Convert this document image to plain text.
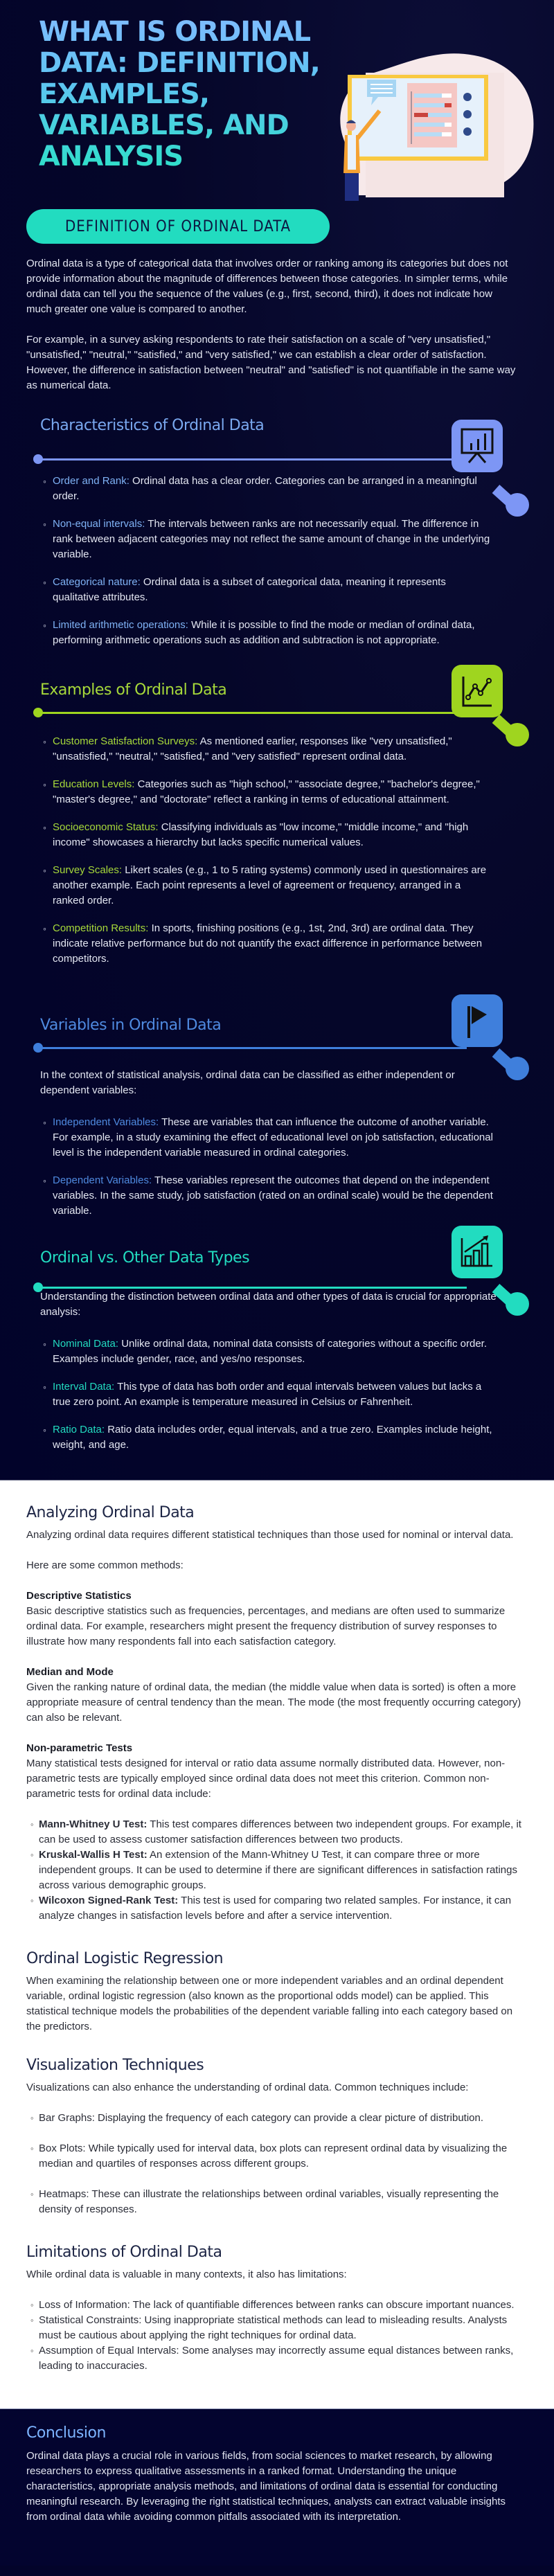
WHAT IS ORDINAL DATA: DEFINITION, EXAMPLES, VARIABLES, AND ANALYSIS
DEFINITION OF ORDINAL DATA

Ordinal data is a type of categorical data that involves order or ranking among its categories but does not provide information about the magnitude of differences between those categories. In simpler terms, while ordinal data can tell you the sequence of the values (e.g., first, second, third), it does not indicate how much greater one value is compared to another.

For example, in a survey asking respondents to rate their satisfaction on a scale of "very unsatisfied," "unsatisfied," "neutral," "satisfied," and "very satisfied," we can establish a clear order of satisfaction. However, the difference in satisfaction between "neutral" and "satisfied" is not quantifiable in the same way as numerical data.

Characteristics of Ordinal Data
◦ Order and Rank: Ordinal data has a clear order. Categories can be arranged in a meaningful order.
◦ Non-equal intervals: The intervals between ranks are not necessarily equal. The difference in rank between adjacent categories may not reflect the same amount of change in the underlying variable.
◦ Categorical nature: Ordinal data is a subset of categorical data, meaning it represents qualitative attributes.
◦ Limited arithmetic operations: While it is possible to find the mode or median of ordinal data, performing arithmetic operations such as addition and subtraction is not appropriate.
Examples of Ordinal Data
◦ Customer Satisfaction Surveys: As mentioned earlier, responses like "very unsatisfied," "unsatisfied," "neutral," "satisfied," and "very satisfied" represent ordinal data.
◦ Education Levels: Categories such as "high school," "associate degree," "bachelor's degree," "master's degree," and "doctorate" reflect a ranking in terms of educational attainment.
◦ Socioeconomic Status: Classifying individuals as "low income," "middle income," and "high income" showcases a hierarchy but lacks specific numerical values.
◦ Survey Scales: Likert scales (e.g., 1 to 5 rating systems) commonly used in questionnaires are another example. Each point represents a level of agreement or frequency, arranged in a ranked order.
◦ Competition Results: In sports, finishing positions (e.g., 1st, 2nd, 3rd) are ordinal data. They indicate relative performance but do not quantify the exact difference in performance between competitors.
Variables in Ordinal Data

In the context of statistical analysis, ordinal data can be classified as either independent or dependent variables:

◦ Independent Variables: These are variables that can influence the outcome of another variable. For example, in a study examining the effect of educational level on job satisfaction, educational level is the independent variable measured in ordinal categories.
◦ Dependent Variables: These variables represent the outcomes that depend on the independent variables. In the same study, job satisfaction (rated on an ordinal scale) would be the dependent variable.
Ordinal vs. Other Data Types

Understanding the distinction between ordinal data and other types of data is crucial for appropriate analysis:

◦ Nominal Data: Unlike ordinal data, nominal data consists of categories without a specific order. Examples include gender, race, and yes/no responses.
◦ Interval Data: This type of data has both order and equal intervals between values but lacks a true zero point. An example is temperature measured in Celsius or Fahrenheit.
◦ Ratio Data: Ratio data includes order, equal intervals, and a true zero. Examples include height, weight, and age.
Analyzing Ordinal Data

Analyzing ordinal data requires different statistical techniques than those used for nominal or interval data.

Here are some common methods:

Descriptive Statistics

Basic descriptive statistics such as frequencies, percentages, and medians are often used to summarize ordinal data. For example, researchers might present the frequency distribution of survey responses to illustrate how many respondents fall into each satisfaction category.

Median and Mode

Given the ranking nature of ordinal data, the median (the middle value when data is sorted) is often a more appropriate measure of central tendency than the mean. The mode (the most frequently occurring category) can also be relevant.

Non-parametric Tests

Many statistical tests designed for interval or ratio data assume normally distributed data. However, non-parametric tests are typically employed since ordinal data does not meet this criterion. Common non-parametric tests for ordinal data include:

◦ Mann-Whitney U Test: This test compares differences between two independent groups. For example, it can be used to assess customer satisfaction differences between two products.
◦ Kruskal-Wallis H Test: An extension of the Mann-Whitney U Test, it can compare three or more independent groups. It can be used to determine if there are significant differences in satisfaction ratings across various demographic groups.
◦ Wilcoxon Signed-Rank Test: This test is used for comparing two related samples. For instance, it can analyze changes in satisfaction levels before and after a service intervention.
Ordinal Logistic Regression

When examining the relationship between one or more independent variables and an ordinal dependent variable, ordinal logistic regression (also known as the proportional odds model) can be applied. This statistical technique models the probabilities of the dependent variable falling into each category based on the predictors.

Visualization Techniques

Visualizations can also enhance the understanding of ordinal data. Common techniques include:

◦ Bar Graphs: Displaying the frequency of each category can provide a clear picture of distribution.
◦ Box Plots: While typically used for interval data, box plots can represent ordinal data by visualizing the median and quartiles of responses across different groups.
◦ Heatmaps: These can illustrate the relationships between ordinal variables, visually representing the density of responses.
Limitations of Ordinal Data

While ordinal data is valuable in many contexts, it also has limitations:

◦ Loss of Information: The lack of quantifiable differences between ranks can obscure important nuances.
◦ Statistical Constraints: Using inappropriate statistical methods can lead to misleading results. Analysts must be cautious about applying the right techniques for ordinal data.
◦ Assumption of Equal Intervals: Some analyses may incorrectly assume equal distances between ranks, leading to inaccuracies.
Conclusion

Ordinal data plays a crucial role in various fields, from social sciences to market research, by allowing researchers to express qualitative assessments in a ranked format. Understanding the unique characteristics, appropriate analysis methods, and limitations of ordinal data is essential for conducting meaningful research. By leveraging the right statistical techniques, analysts can extract valuable insights from ordinal data while avoiding common pitfalls associated with its interpretation.
